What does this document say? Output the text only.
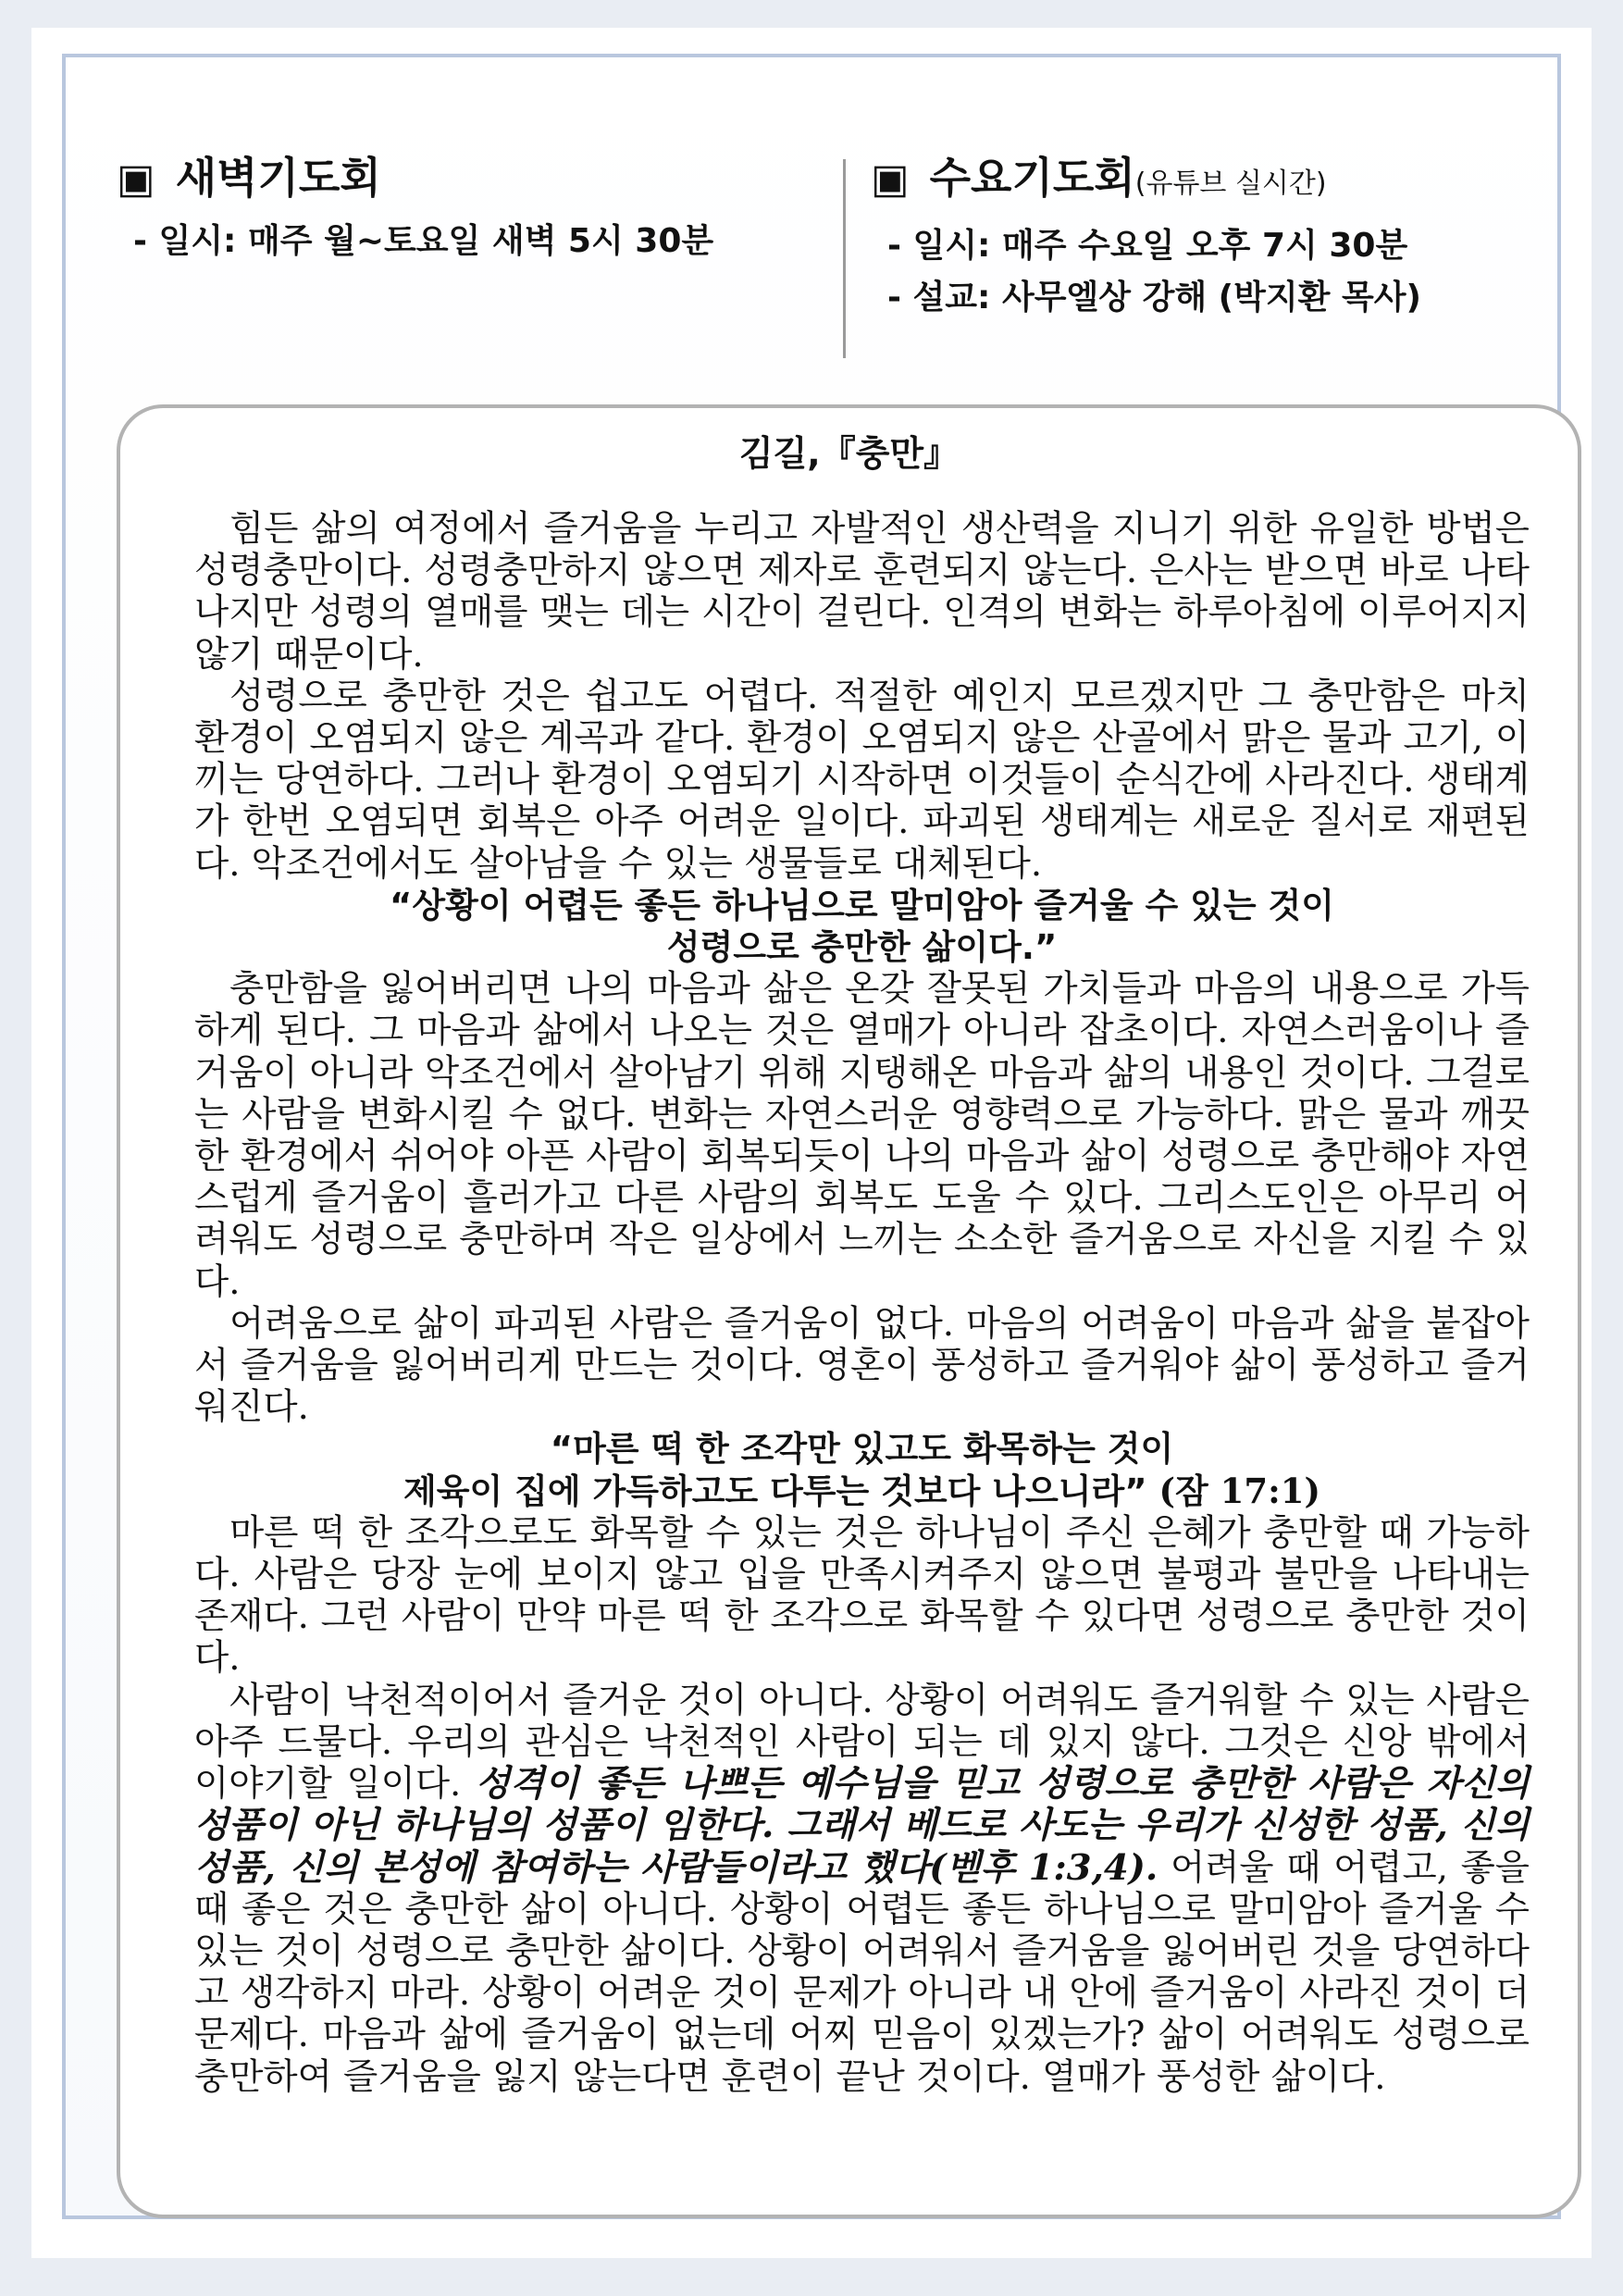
▣ 새벽기도회
- 일시: 매주 월~토요일 새벽 5시 30분
▣ 수요기도회 (유튜브 실시간)
- 일시: 매주 수요일 오후 7시 30분
- 설교: 사무엘상 강해 (박지환 목사)
김길,『충만』

힘든 삶의 여정에서 즐거움을 누리고 자발적인 생산력을 지니기 위한 유일한 방법은 성령충만이다. 성령충만하지 않으면 제자로 훈련되지 않는다. 은사는 받으면 바로 나타나지만 성령의 열매를 맺는 데는 시간이 걸린다. 인격의 변화는 하루아침에 이루어지지 않기 때문이다.

성령으로 충만한 것은 쉽고도 어렵다. 적절한 예인지 모르겠지만 그 충만함은 마치 환경이 오염되지 않은 계곡과 같다. 환경이 오염되지 않은 산골에서 맑은 물과 고기, 이끼는 당연하다. 그러나 환경이 오염되기 시작하면 이것들이 순식간에 사라진다. 생태계가 한번 오염되면 회복은 아주 어려운 일이다. 파괴된 생태계는 새로운 질서로 재편된다. 악조건에서도 살아남을 수 있는 생물들로 대체된다.

“상황이 어렵든 좋든 하나님으로 말미암아 즐거울 수 있는 것이
성령으로 충만한 삶이다.”

충만함을 잃어버리면 나의 마음과 삶은 온갖 잘못된 가치들과 마음의 내용으로 가득하게 된다. 그 마음과 삶에서 나오는 것은 열매가 아니라 잡초이다. 자연스러움이나 즐거움이 아니라 악조건에서 살아남기 위해 지탱해온 마음과 삶의 내용인 것이다. 그걸로는 사람을 변화시킬 수 없다. 변화는 자연스러운 영향력으로 가능하다. 맑은 물과 깨끗한 환경에서 쉬어야 아픈 사람이 회복되듯이 나의 마음과 삶이 성령으로 충만해야 자연스럽게 즐거움이 흘러가고 다른 사람의 회복도 도울 수 있다. 그리스도인은 아무리 어려워도 성령으로 충만하며 작은 일상에서 느끼는 소소한 즐거움으로 자신을 지킬 수 있다.

어려움으로 삶이 파괴된 사람은 즐거움이 없다. 마음의 어려움이 마음과 삶을 붙잡아서 즐거움을 잃어버리게 만드는 것이다. 영혼이 풍성하고 즐거워야 삶이 풍성하고 즐거워진다.

“마른 떡 한 조각만 있고도 화목하는 것이
제육이 집에 가득하고도 다투는 것보다 나으니라” (잠 17:1)

마른 떡 한 조각으로도 화목할 수 있는 것은 하나님이 주신 은혜가 충만할 때 가능하다. 사람은 당장 눈에 보이지 않고 입을 만족시켜주지 않으면 불평과 불만을 나타내는 존재다. 그런 사람이 만약 마른 떡 한 조각으로 화목할 수 있다면 성령으로 충만한 것이다.

사람이 낙천적이어서 즐거운 것이 아니다. 상황이 어려워도 즐거워할 수 있는 사람은 아주 드물다. 우리의 관심은 낙천적인 사람이 되는 데 있지 않다. 그것은 신앙 밖에서 이야기할 일이다. 성격이 좋든 나쁘든 예수님을 믿고 성령으로 충만한 사람은 자신의 성품이 아닌 하나님의 성품이 임한다. 그래서 베드로 사도는 우리가 신성한 성품, 신의 성품, 신의 본성에 참여하는 사람들이라고 했다(벧후 1:3,4). 어려울 때 어렵고, 좋을 때 좋은 것은 충만한 삶이 아니다. 상황이 어렵든 좋든 하나님으로 말미암아 즐거울 수 있는 것이 성령으로 충만한 삶이다. 상황이 어려워서 즐거움을 잃어버린 것을 당연하다고 생각하지 마라. 상황이 어려운 것이 문제가 아니라 내 안에 즐거움이 사라진 것이 더 문제다. 마음과 삶에 즐거움이 없는데 어찌 믿음이 있겠는가? 삶이 어려워도 성령으로 충만하여 즐거움을 잃지 않는다면 훈련이 끝난 것이다. 열매가 풍성한 삶이다.
